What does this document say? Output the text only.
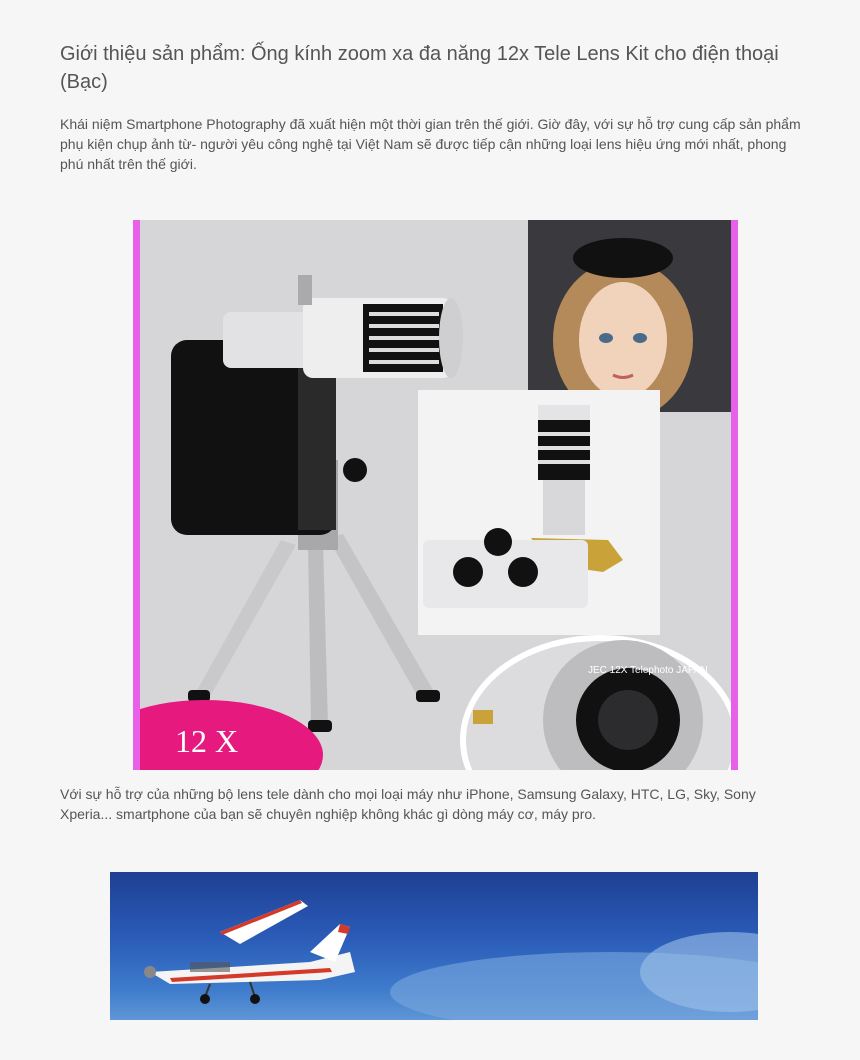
Giới thiệu sản phẩm: Ống kính zoom xa đa năng 12x Tele Lens Kit cho điện thoại (Bạc)

Khái niệm Smartphone Photography đã xuất hiện một thời gian trên thế giới. Giờ đây, với sự hỗ trợ cung cấp sản phẩm phụ kiện chụp ảnh từ- người yêu công nghệ tại Việt Nam sẽ được tiếp cận những loại lens hiệu ứng mới nhất, phong phú nhất trên thế giới.

Với sự hỗ trợ của những bộ lens tele dành cho mọi loại máy như iPhone, Samsung Galaxy, HTC, LG, Sky, Sony Xperia... smartphone của bạn sẽ chuyên nghiệp không khác gì dòng máy cơ, máy pro.

JEC 12X Telephoto JAPAN
12 X
